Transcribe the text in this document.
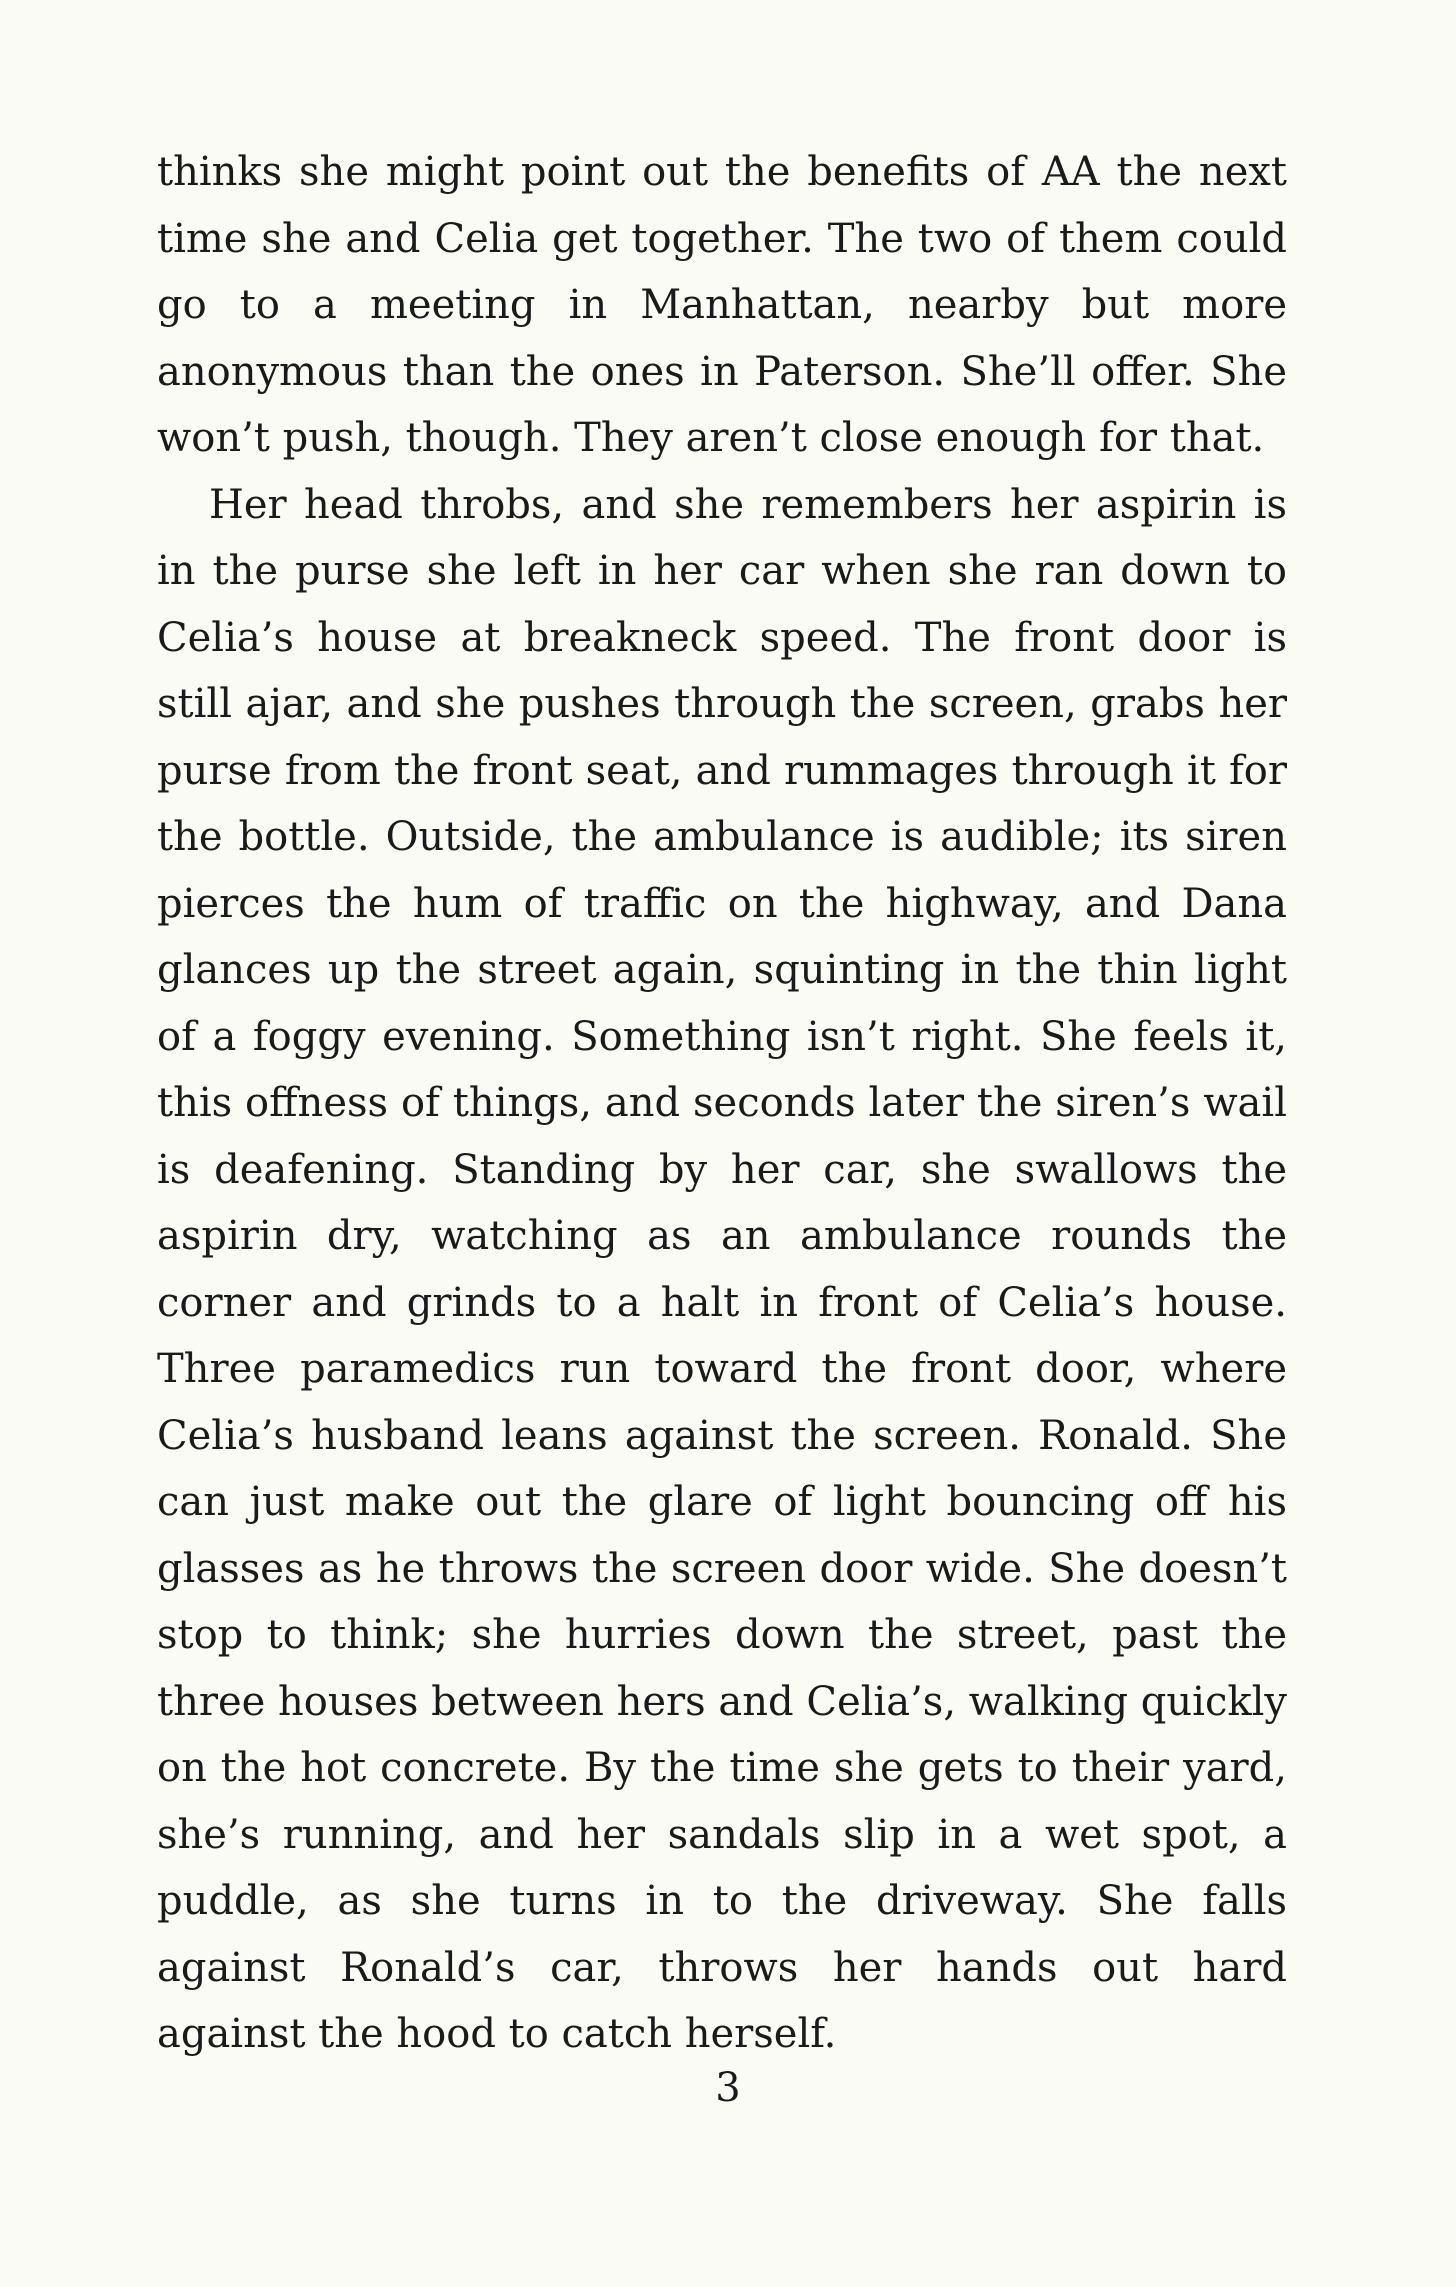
thinks she might point out the benefits of AA the next time she and Celia get together. The two of them could go to a meeting in Manhattan, nearby but more anonymous than the ones in Paterson. She’ll offer. She won’t push, though. They aren’t close enough for that.

Her head throbs, and she remembers her aspirin is in the purse she left in her car when she ran down to Celia’s house at breakneck speed. The front door is still ajar, and she pushes through the screen, grabs her purse from the front seat, and rummages through it for the bottle. Outside, the ambulance is audible; its siren pierces the hum of traffic on the highway, and Dana glances up the street again, squinting in the thin light of a foggy evening. Something isn’t right. She feels it, this offness of things, and seconds later the siren’s wail is deafening. Standing by her car, she swallows the aspirin dry, watching as an ambulance rounds the corner and grinds to a halt in front of Celia’s house. Three paramedics run toward the front door, where Celia’s husband leans against the screen. Ronald. She can just make out the glare of light bouncing off his glasses as he throws the screen door wide. She doesn’t stop to think; she hurries down the street, past the three houses between hers and Celia’s, walking quickly on the hot concrete. By the time she gets to their yard, she’s running, and her sandals slip in a wet spot, a puddle, as she turns in to the driveway. She falls against Ronald’s car, throws her hands out hard against the hood to catch herself.

3
